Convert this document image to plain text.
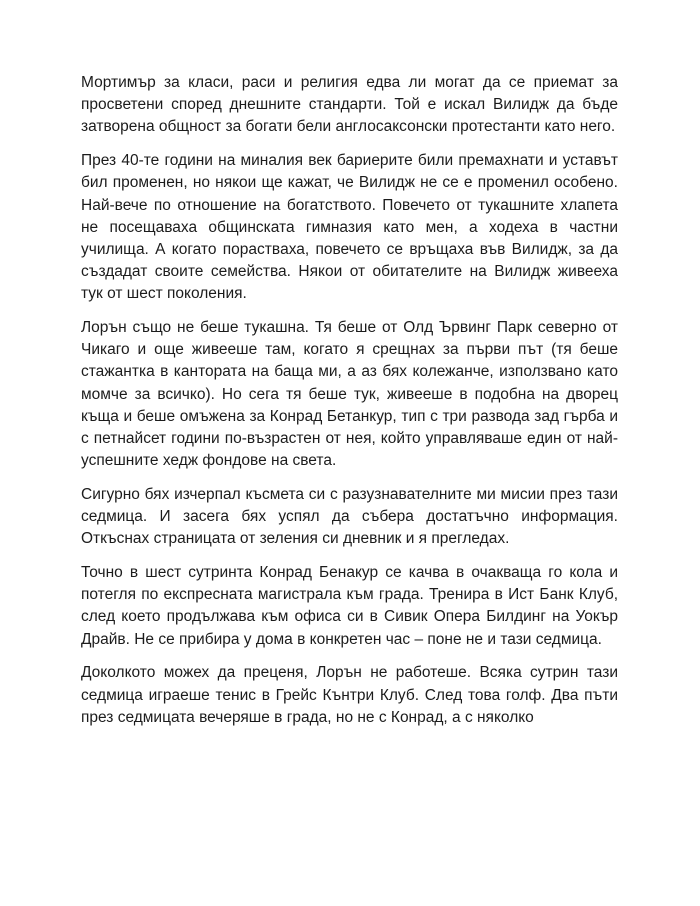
Мортимър за класи, раси и религия едва ли могат да се приемат за просветени според днешните стандарти. Той е искал Вилидж да бъде затворена общност за богати бели англосаксонски протестанти като него.

През 40-те години на миналия век бариерите били премахнати и уставът бил променен, но някои ще кажат, че Вилидж не се е променил особено. Най-вече по отношение на богатството. Повечето от тукашните хлапета не посещаваха общинската гимназия като мен, а ходеха в частни училища. А когато пораствaха, повечето се връщаха във Вилидж, за да създадат своите семейства. Някои от обитателите на Вилидж живееха тук от шест поколения.

Лорън също не беше тукашна. Тя беше от Олд Ървинг Парк северно от Чикаго и още живееше там, когато я срещнах за първи път (тя беше стажантка в канторатa на баща ми, а аз бях колежанче, използвано като момче за всичко). Но сега тя беше тук, живееше в подобна на дворец къща и беше омъжена за Конрад Бетанкур, тип с три развода зад гърба и с петнайсет години по-възрастен от нея, който управляваше един от най-успешните хедж фондове на света.

Сигурно бях изчерпал късмета си с разузнавателните ми мисии през тази седмица. И засега бях успял да събера достатъчно информация. Откъснах страницата от зеления си дневник и я прегледах.

Точно в шест сутринта Конрад Бенакур се качва в очакваща го кола и потегля по експресната магистрала към града. Тренира в Ист Банк Клуб, след което продължава към офиса си в Сивик Опера Билдинг на Уокър Драйв. Не се прибира у дома в конкретен час – поне не и тази седмица.

Доколкото можех да преценя, Лорън не работеше. Всяка сутрин тази седмица играеше тенис в Грейс Кънтри Клуб. След това голф. Два пъти през седмицата вечеряше в града, но не с Конрад, а с няколко
